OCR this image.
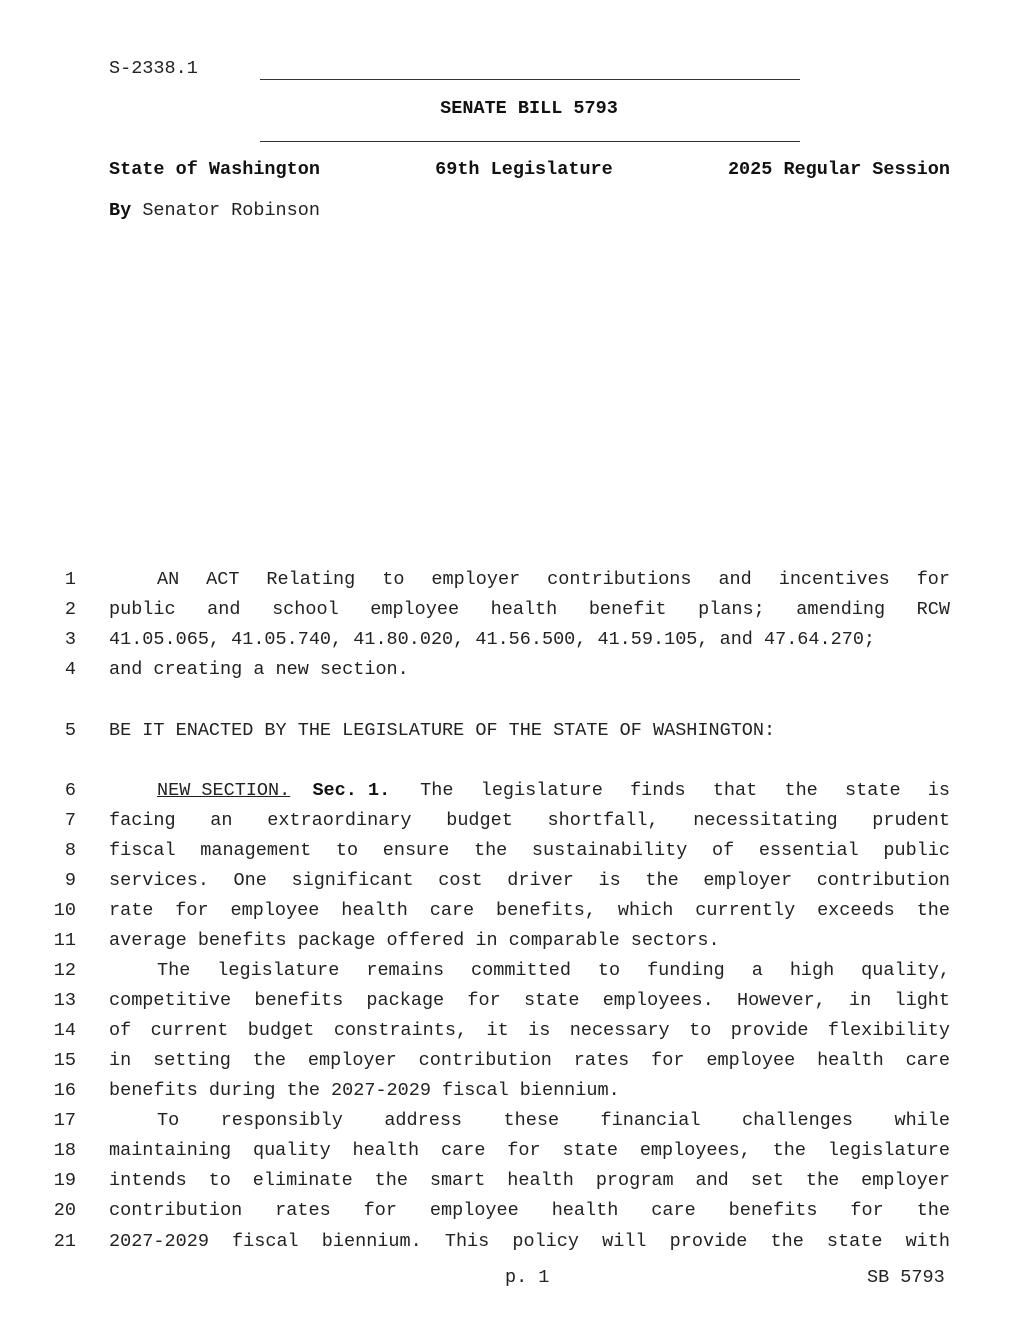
S-2338.1
SENATE BILL 5793
State of Washington	69th Legislature	2025 Regular Session
By Senator Robinson
1	AN ACT Relating to employer contributions and incentives for
2 public and school employee health benefit plans; amending RCW
3 41.05.065, 41.05.740, 41.80.020, 41.56.500, 41.59.105, and 47.64.270;
4 and creating a new section.
5 BE IT ENACTED BY THE LEGISLATURE OF THE STATE OF WASHINGTON:
6	NEW SECTION. Sec. 1. The legislature finds that the state is
7 facing an extraordinary budget shortfall, necessitating prudent
8 fiscal management to ensure the sustainability of essential public
9 services. One significant cost driver is the employer contribution
10 rate for employee health care benefits, which currently exceeds the
11 average benefits package offered in comparable sectors.
12	The legislature remains committed to funding a high quality,
13 competitive benefits package for state employees. However, in light
14 of current budget constraints, it is necessary to provide flexibility
15 in setting the employer contribution rates for employee health care
16 benefits during the 2027-2029 fiscal biennium.
17	To responsibly address these financial challenges while
18 maintaining quality health care for state employees, the legislature
19 intends to eliminate the smart health program and set the employer
20 contribution rates for employee health care benefits for the
21 2027-2029 fiscal biennium. This policy will provide the state with
p. 1	SB 5793
